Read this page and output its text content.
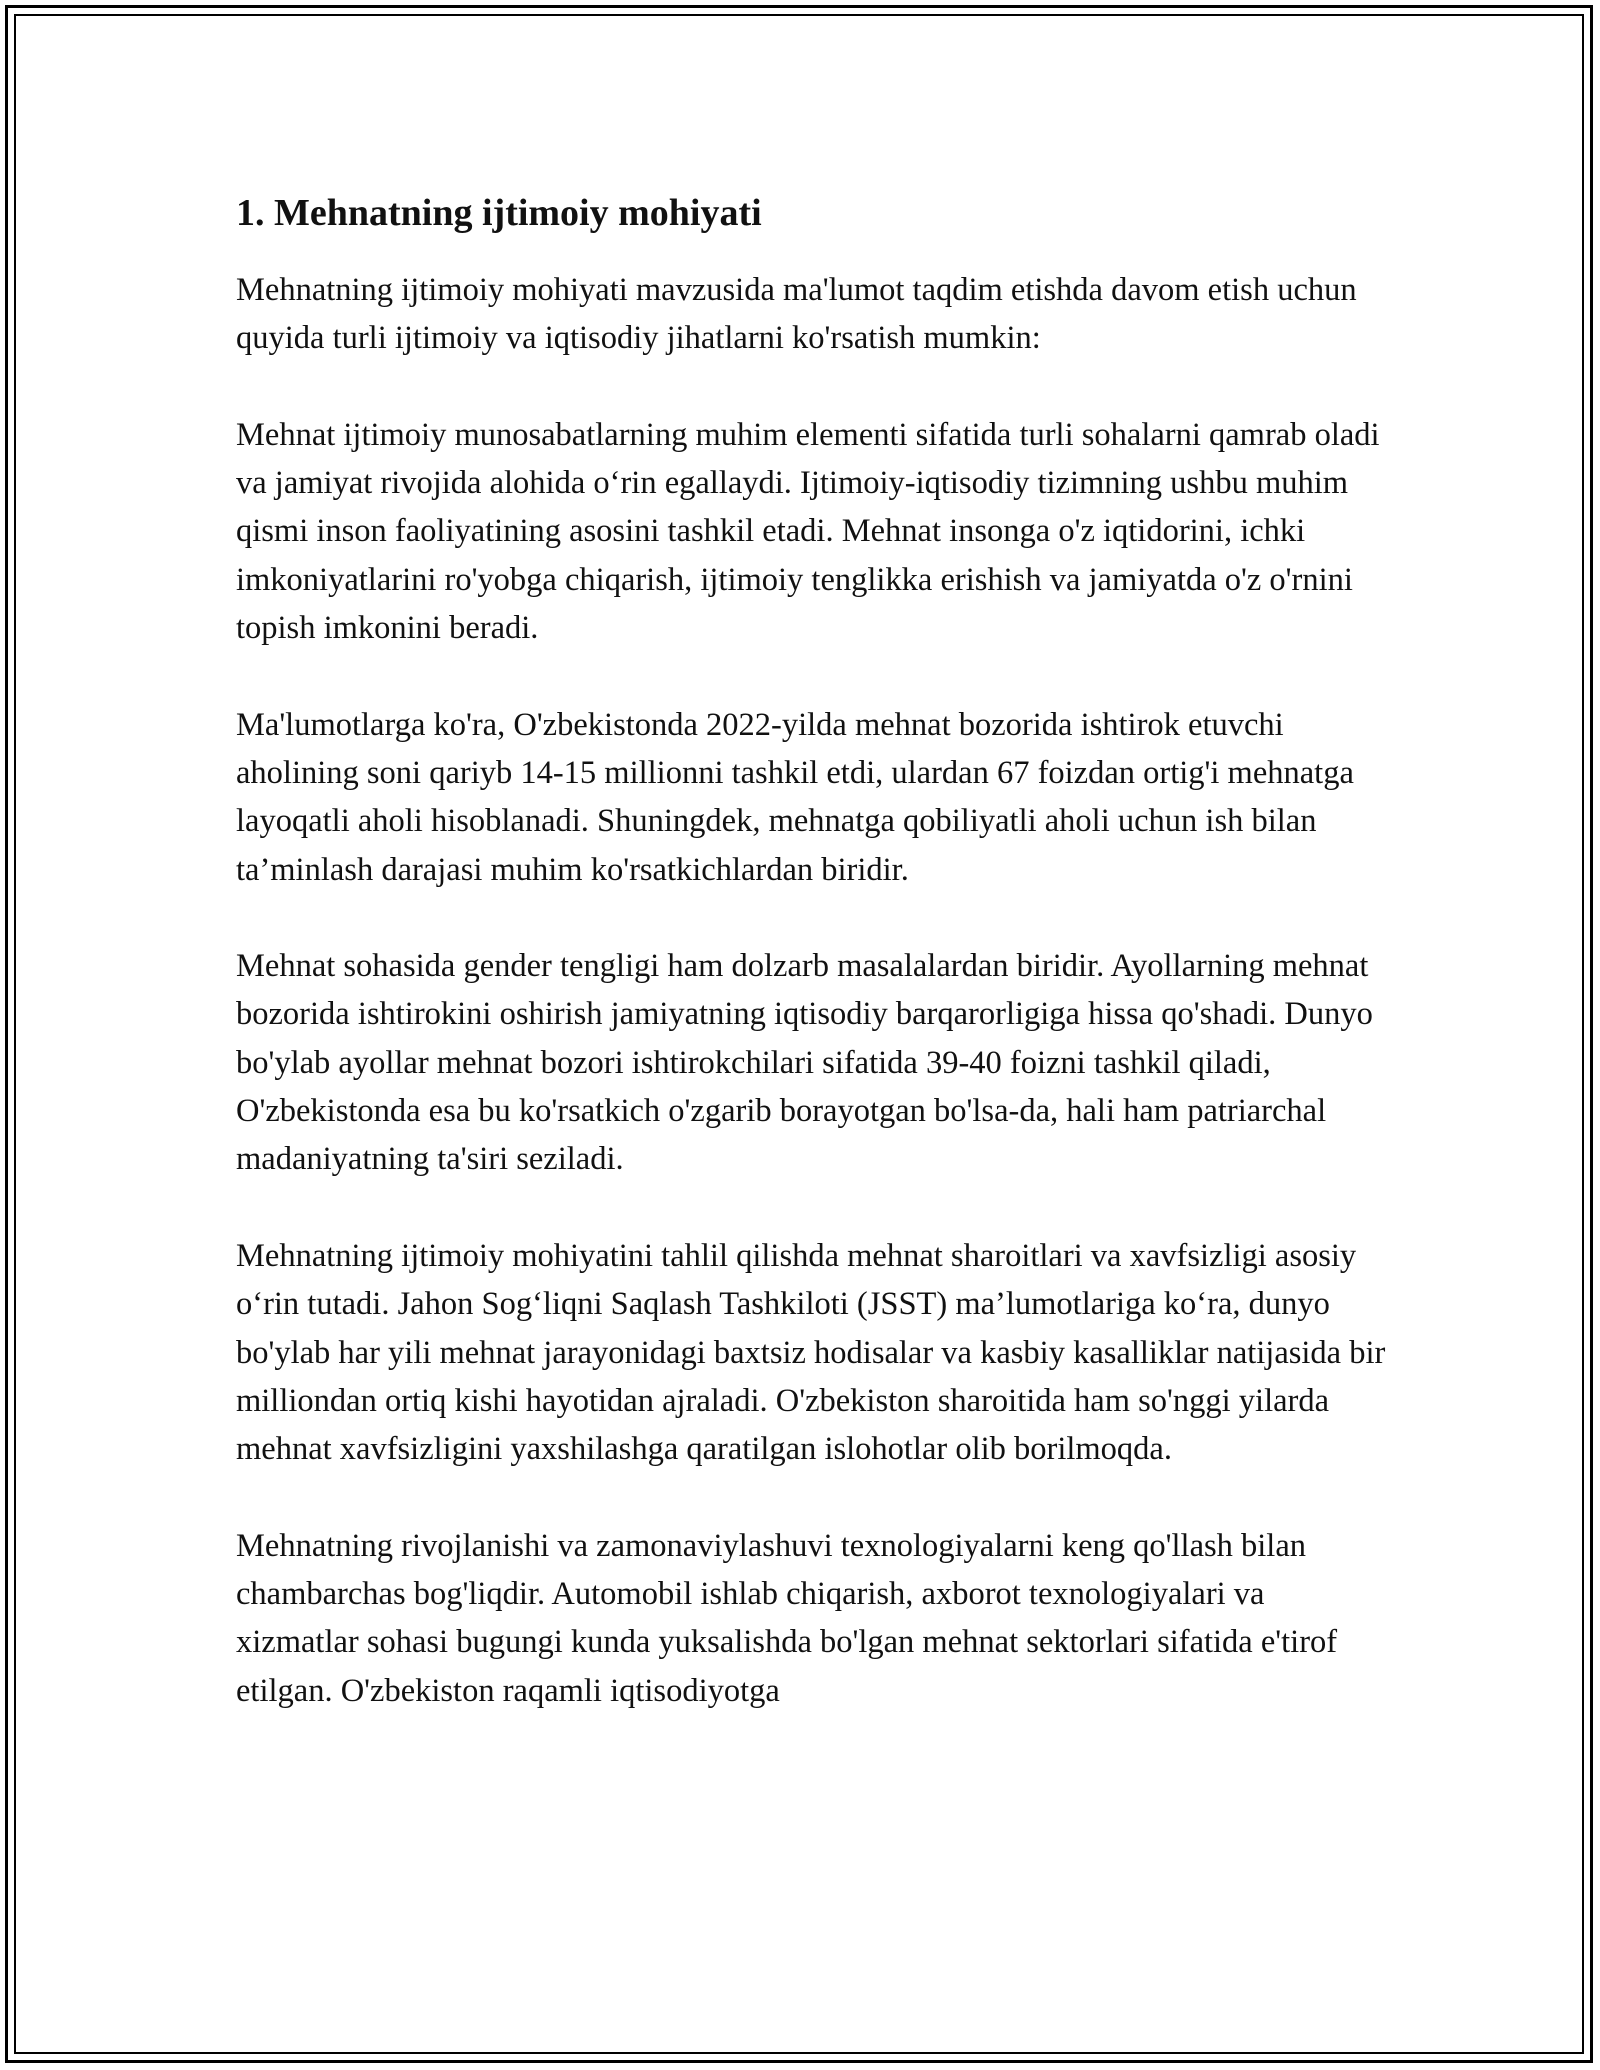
1. Mehnatning ijtimoiy mohiyati

Mehnatning ijtimoiy mohiyati mavzusida ma'lumot taqdim etishda davom etish uchun quyida turli ijtimoiy va iqtisodiy jihatlarni ko'rsatish mumkin:

Mehnat ijtimoiy munosabatlarning muhim elementi sifatida turli sohalarni qamrab oladi va jamiyat rivojida alohida oʻrin egallaydi. Ijtimoiy-iqtisodiy tizimning ushbu muhim qismi inson faoliyatining asosini tashkil etadi. Mehnat insonga o'z iqtidorini, ichki imkoniyatlarini ro'yobga chiqarish, ijtimoiy tenglikka erishish va jamiyatda o'z o'rnini topish imkonini beradi.

Ma'lumotlarga ko'ra, O'zbekistonda 2022-yilda mehnat bozorida ishtirok etuvchi aholining soni qariyb 14-15 millionni tashkil etdi, ulardan 67 foizdan ortig'i mehnatga layoqatli aholi hisoblanadi. Shuningdek, mehnatga qobiliyatli aholi uchun ish bilan ta’minlash darajasi muhim ko'rsatkichlardan biridir.

Mehnat sohasida gender tengligi ham dolzarb masalalardan biridir. Ayollarning mehnat bozorida ishtirokini oshirish jamiyatning iqtisodiy barqarorligiga hissa qo'shadi. Dunyo bo'ylab ayollar mehnat bozori ishtirokchilari sifatida 39-40 foizni tashkil qiladi, O'zbekistonda esa bu ko'rsatkich o'zgarib borayotgan bo'lsa-da, hali ham patriarchal madaniyatning ta'siri seziladi.

Mehnatning ijtimoiy mohiyatini tahlil qilishda mehnat sharoitlari va xavfsizligi asosiy oʻrin tutadi. Jahon Sogʻliqni Saqlash Tashkiloti (JSST) ma’lumotlariga koʻra, dunyo bo'ylab har yili mehnat jarayonidagi baxtsiz hodisalar va kasbiy kasalliklar natijasida bir milliondan ortiq kishi hayotidan ajraladi. O'zbekiston sharoitida ham so'nggi yilarda mehnat xavfsizligini yaxshilashga qaratilgan islohotlar olib borilmoqda.

Mehnatning rivojlanishi va zamonaviylashuvi texnologiyalarni keng qo'llash bilan chambarchas bog'liqdir. Automobil ishlab chiqarish, axborot texnologiyalari va xizmatlar sohasi bugungi kunda yuksalishda bo'lgan mehnat sektorlari sifatida e'tirof etilgan. O'zbekiston raqamli iqtisodiyotga
